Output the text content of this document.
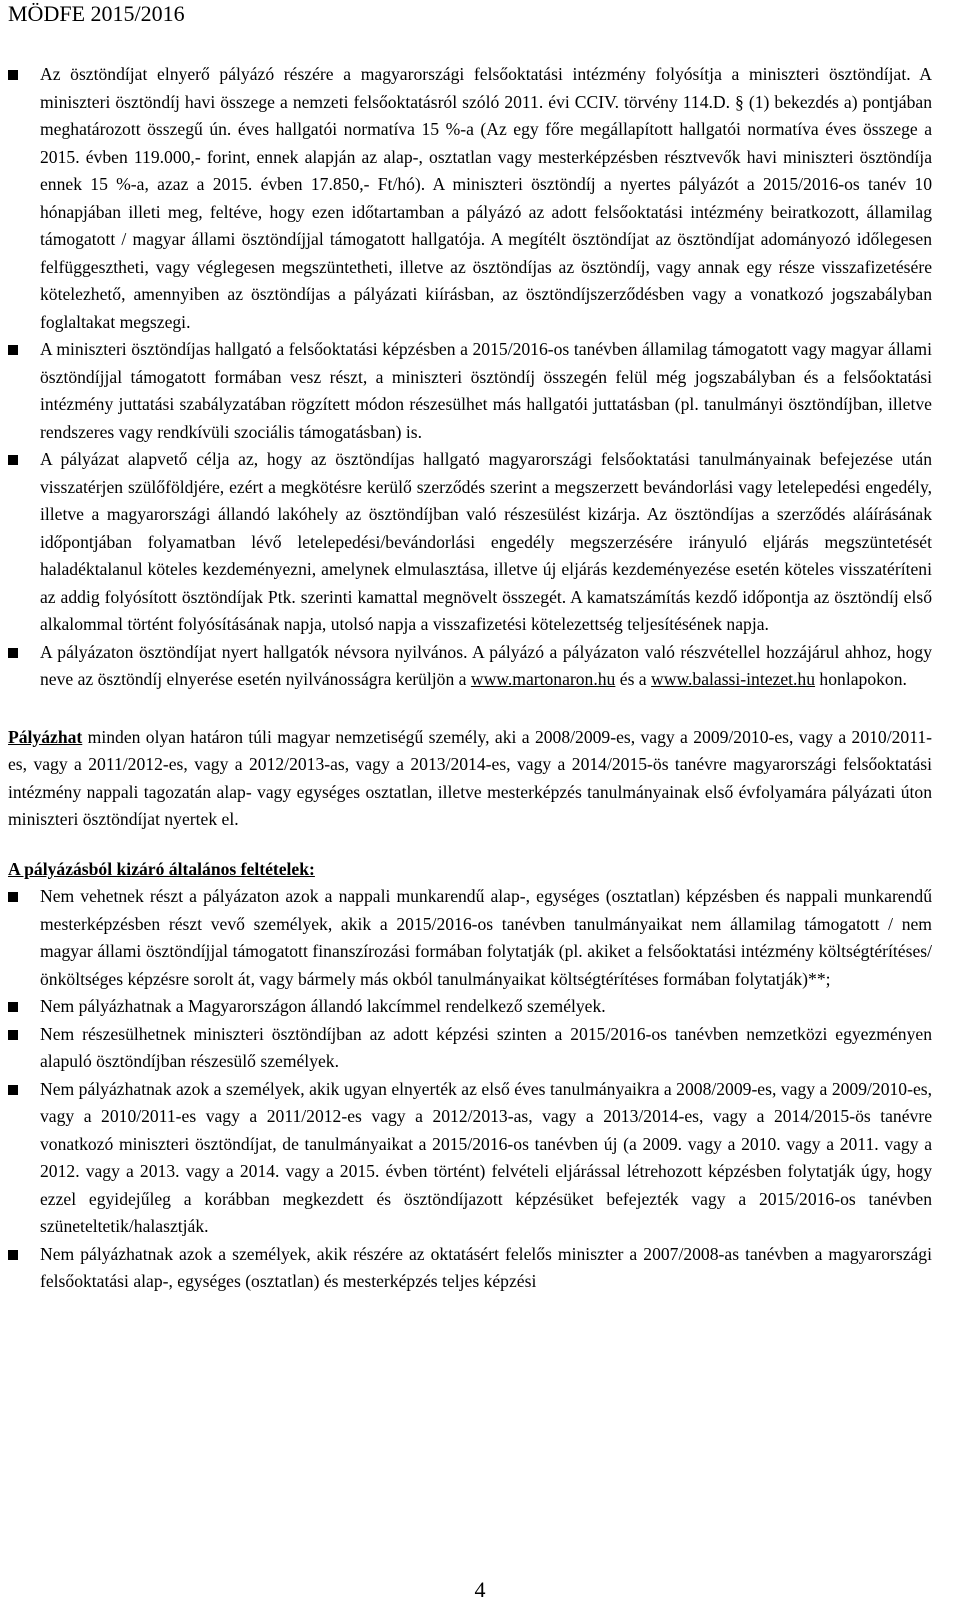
MÖDFE 2015/2016
Az ösztöndíjat elnyerő pályázó részére a magyarországi felsőoktatási intézmény folyósítja a miniszteri ösztöndíjat. A miniszteri ösztöndíj havi összege a nemzeti felsőoktatásról szóló 2011. évi CCIV. törvény 114.D. § (1) bekezdés a) pontjában meghatározott összegű ún. éves hallgatói normatíva 15 %-a (Az egy főre megállapított hallgatói normatíva éves összege a 2015. évben 119.000,- forint, ennek alapján az alap-, osztatlan vagy mesterképzésben résztvevők havi miniszteri ösztöndíja ennek 15 %-a, azaz a 2015. évben 17.850,- Ft/hó). A miniszteri ösztöndíj a nyertes pályázót a 2015/2016-os tanév 10 hónapjában illeti meg, feltéve, hogy ezen időtartamban a pályázó az adott felsőoktatási intézmény beiratkozott, államilag támogatott / magyar állami ösztöndíjjal támogatott hallgatója. A megítélt ösztöndíjat az ösztöndíjat adományozó időlegesen felfüggesztheti, vagy véglegesen megszüntetheti, illetve az ösztöndíjas az ösztöndíj, vagy annak egy része visszafizetésére kötelezhető, amennyiben az ösztöndíjas a pályázati kiírásban, az ösztöndíjszerződésben vagy a vonatkozó jogszabályban foglaltakat megszegi.
A miniszteri ösztöndíjas hallgató a felsőoktatási képzésben a 2015/2016-os tanévben államilag támogatott vagy magyar állami ösztöndíjjal támogatott formában vesz részt, a miniszteri ösztöndíj összegén felül még jogszabályban és a felsőoktatási intézmény juttatási szabályzatában rögzített módon részesülhet más hallgatói juttatásban (pl. tanulmányi ösztöndíjban, illetve rendszeres vagy rendkívüli szociális támogatásban) is.
A pályázat alapvető célja az, hogy az ösztöndíjas hallgató magyarországi felsőoktatási tanulmányainak befejezése után visszatérjen szülőföldjére, ezért a megkötésre kerülő szerződés szerint a megszerzett bevándorlási vagy letelepedési engedély, illetve a magyarországi állandó lakóhely az ösztöndíjban való részesülést kizárja. Az ösztöndíjas a szerződés aláírásának időpontjában folyamatban lévő letelepedési/bevándorlási engedély megszerzésére irányuló eljárás megszüntetését haladéktalanul köteles kezdeményezni, amelynek elmulasztása, illetve új eljárás kezdeményezése esetén köteles visszatéríteni az addig folyósított ösztöndíjak Ptk. szerinti kamattal megnövelt összegét. A kamatszámítás kezdő időpontja az ösztöndíj első alkalommal történt folyósításának napja, utolsó napja a visszafizetési kötelezettség teljesítésének napja.
A pályázaton ösztöndíjat nyert hallgatók névsora nyilvános. A pályázó a pályázaton való részvétellel hozzájárul ahhoz, hogy neve az ösztöndíj elnyerése esetén nyilvánosságra kerüljön a www.martonaron.hu és a www.balassi-intezet.hu honlapokon.

Pályázhat minden olyan határon túli magyar nemzetiségű személy, aki a 2008/2009-es, vagy a 2009/2010-es, vagy a 2010/2011-es, vagy a 2011/2012-es, vagy a 2012/2013-as, vagy a 2013/2014-es, vagy a 2014/2015-ös tanévre magyarországi felsőoktatási intézmény nappali tagozatán alap- vagy egységes osztatlan, illetve mesterképzés tanulmányainak első évfolyamára pályázati úton miniszteri ösztöndíjat nyertek el.

A pályázásból kizáró általános feltételek:

Nem vehetnek részt a pályázaton azok a nappali munkarendű alap-, egységes (osztatlan) képzésben és nappali munkarendű mesterképzésben részt vevő személyek, akik a 2015/2016-os tanévben tanulmányaikat nem államilag támogatott / nem magyar állami ösztöndíjjal támogatott finanszírozási formában folytatják (pl. akiket a felsőoktatási intézmény költségtérítéses/önköltséges képzésre sorolt át, vagy bármely más okból tanulmányaikat költségtérítéses formában folytatják)**;
Nem pályázhatnak a Magyarországon állandó lakcímmel rendelkező személyek.
Nem részesülhetnek miniszteri ösztöndíjban az adott képzési szinten a 2015/2016-os tanévben nemzetközi egyezményen alapuló ösztöndíjban részesülő személyek.
Nem pályázhatnak azok a személyek, akik ugyan elnyerték az első éves tanulmányaikra a 2008/2009-es, vagy a 2009/2010-es, vagy a 2010/2011-es vagy a 2011/2012-es vagy a 2012/2013-as, vagy a 2013/2014-es, vagy a 2014/2015-ös tanévre vonatkozó miniszteri ösztöndíjat, de tanulmányaikat a 2015/2016-os tanévben új (a 2009. vagy a 2010. vagy a 2011. vagy a 2012. vagy a 2013. vagy a 2014. vagy a 2015. évben történt) felvételi eljárással létrehozott képzésben folytatják úgy, hogy ezzel egyidejűleg a korábban megkezdett és ösztöndíjazott képzésüket befejezték vagy a 2015/2016-os tanévben szüneteltetik/halasztják.
Nem pályázhatnak azok a személyek, akik részére az oktatásért felelős miniszter a 2007/2008-as tanévben a magyarországi felsőoktatási alap-, egységes (osztatlan) és mesterképzés teljes képzési
4
